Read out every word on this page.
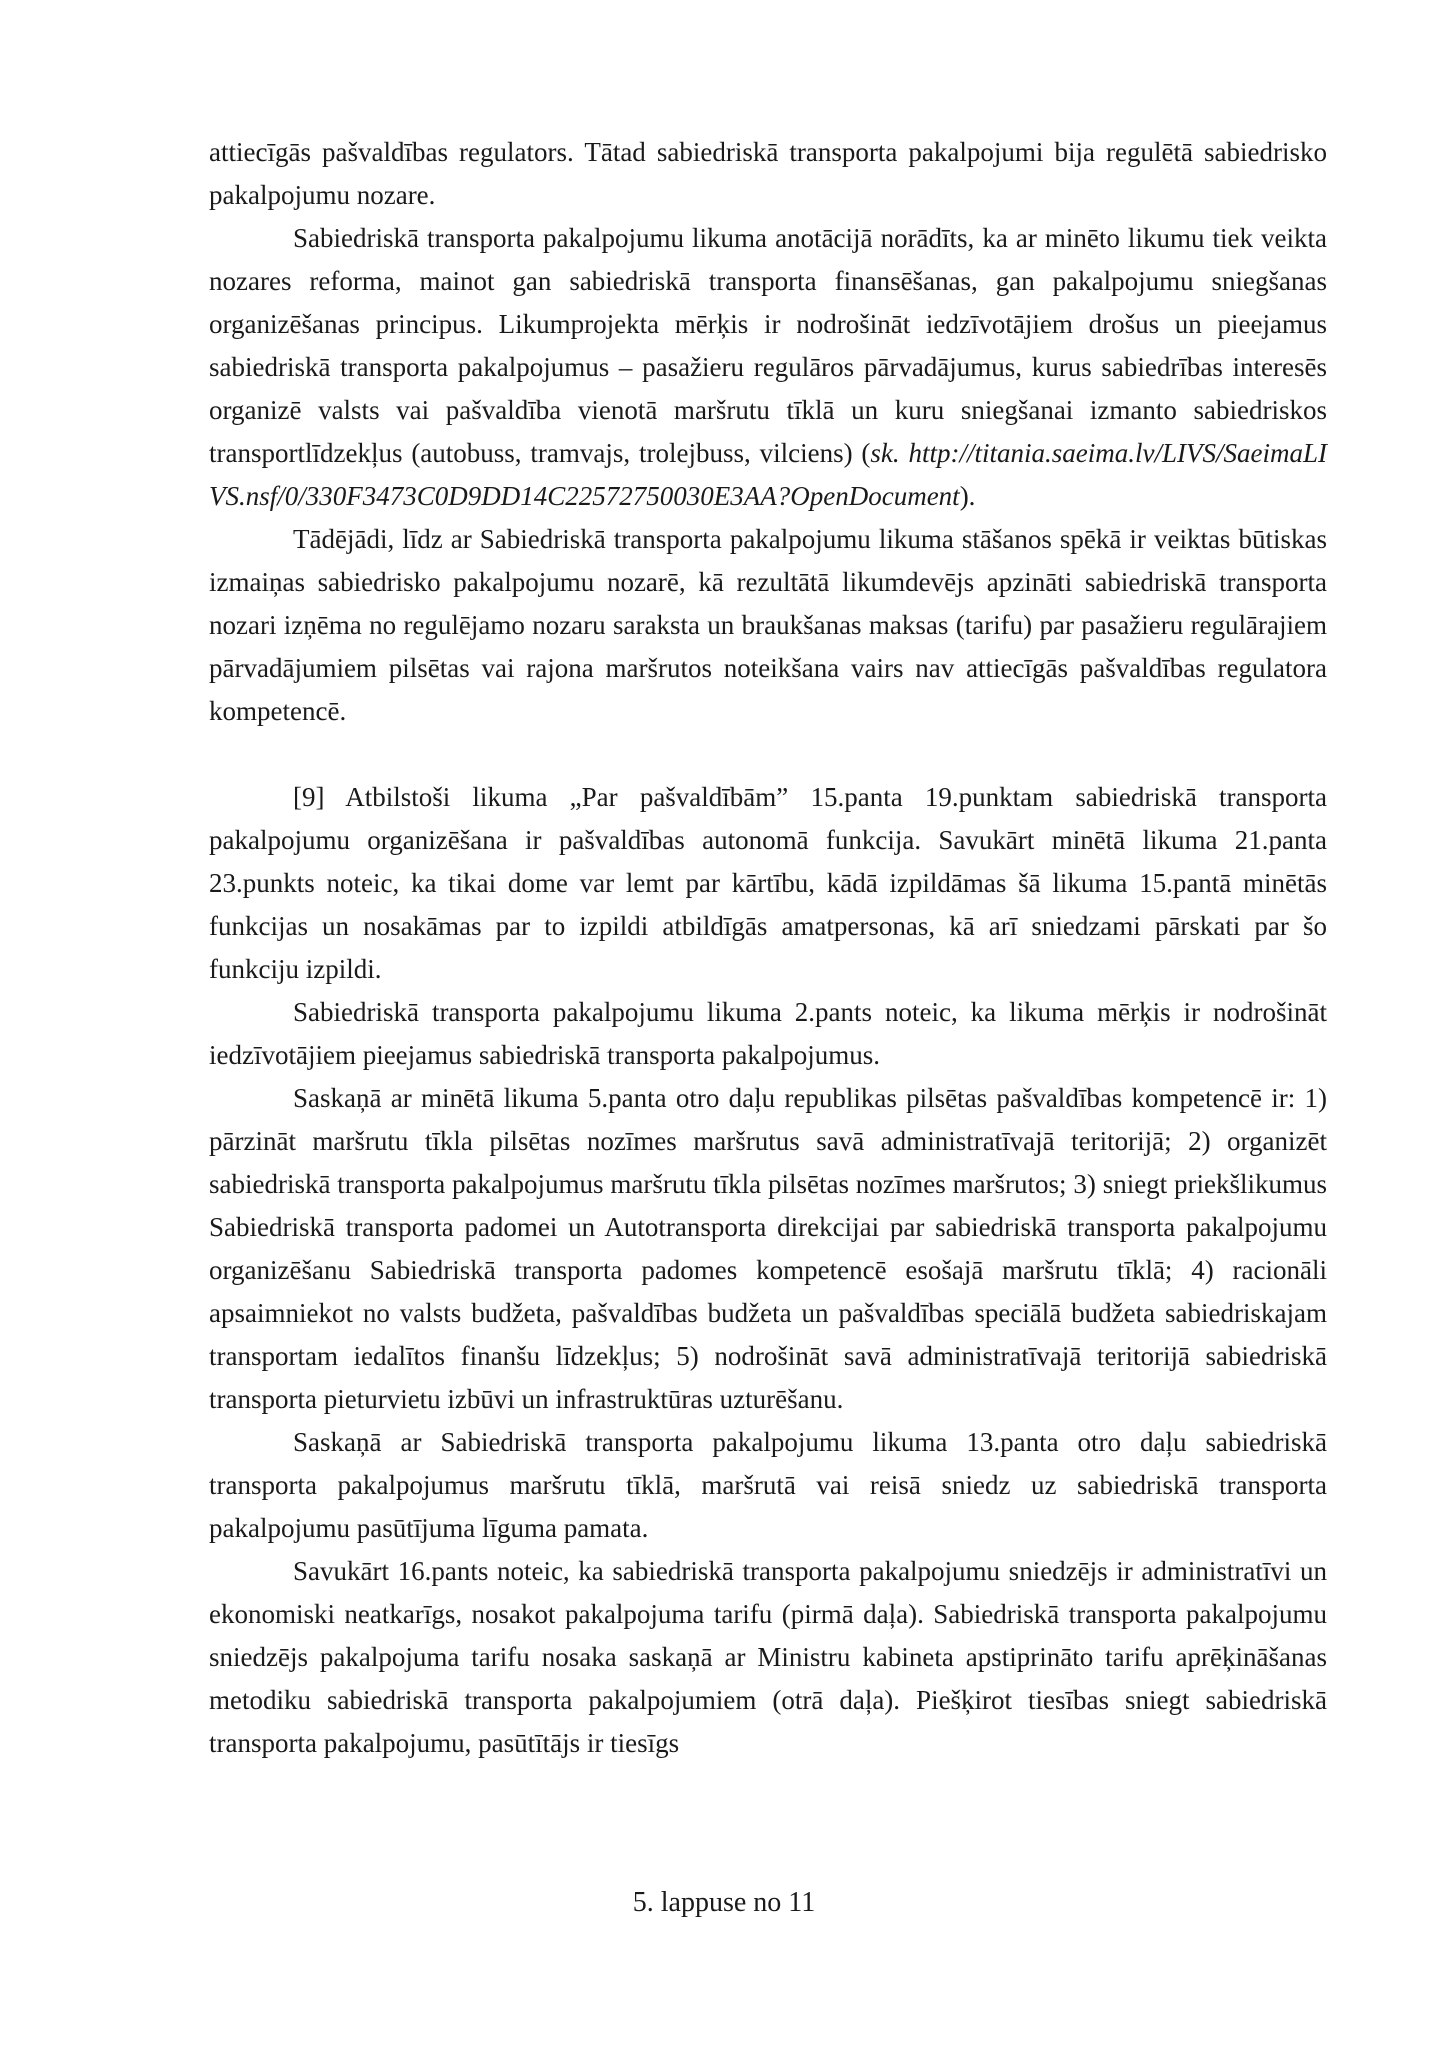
attiecīgās pašvaldības regulators. Tātad sabiedriskā transporta pakalpojumi bija regulētā sabiedrisko pakalpojumu nozare.

Sabiedriskā transporta pakalpojumu likuma anotācijā norādīts, ka ar minēto likumu tiek veikta nozares reforma, mainot gan sabiedriskā transporta finansēšanas, gan pakalpojumu sniegšanas organizēšanas principus. Likumprojekta mērķis ir nodrošināt iedzīvotājiem drošus un pieejamus sabiedriskā transporta pakalpojumus – pasažieru regulāros pārvadājumus, kurus sabiedrības interesēs organizē valsts vai pašvaldība vienotā maršrutu tīklā un kuru sniegšanai izmanto sabiedriskos transportlīdzekļus (autobuss, tramvajs, trolejbuss, vilciens) (sk. http://titania.saeima.lv/LIVS/SaeimaLIVS.nsf/0/330F3473C0D9DD14C22572750030E3AA?OpenDocument).

Tādējādi, līdz ar Sabiedriskā transporta pakalpojumu likuma stāšanos spēkā ir veiktas būtiskas izmaiņas sabiedrisko pakalpojumu nozarē, kā rezultātā likumdevējs apzināti sabiedriskā transporta nozari izņēma no regulējamo nozaru saraksta un braukšanas maksas (tarifu) par pasažieru regulārajiem pārvadājumiem pilsētas vai rajona maršrutos noteikšana vairs nav attiecīgās pašvaldības regulatora kompetencē.

[9] Atbilstoši likuma „Par pašvaldībām” 15.panta 19.punktam sabiedriskā transporta pakalpojumu organizēšana ir pašvaldības autonomā funkcija. Savukārt minētā likuma 21.panta 23.punkts noteic, ka tikai dome var lemt par kārtību, kādā izpildāmas šā likuma 15.pantā minētās funkcijas un nosakāmas par to izpildi atbildīgās amatpersonas, kā arī sniedzami pārskati par šo funkciju izpildi.

Sabiedriskā transporta pakalpojumu likuma 2.pants noteic, ka likuma mērķis ir nodrošināt iedzīvotājiem pieejamus sabiedriskā transporta pakalpojumus.

Saskaņā ar minētā likuma 5.panta otro daļu republikas pilsētas pašvaldības kompetencē ir: 1) pārzināt maršrutu tīkla pilsētas nozīmes maršrutus savā administratīvajā teritorijā; 2) organizēt sabiedriskā transporta pakalpojumus maršrutu tīkla pilsētas nozīmes maršrutos; 3) sniegt priekšlikumus Sabiedriskā transporta padomei un Autotransporta direkcijai par sabiedriskā transporta pakalpojumu organizēšanu Sabiedriskā transporta padomes kompetencē esošajā maršrutu tīklā; 4) racionāli apsaimniekot no valsts budžeta, pašvaldības budžeta un pašvaldības speciālā budžeta sabiedriskajam transportam iedalītos finanšu līdzekļus; 5) nodrošināt savā administratīvajā teritorijā sabiedriskā transporta pieturvietu izbūvi un infrastruktūras uzturēšanu.

Saskaņā ar Sabiedriskā transporta pakalpojumu likuma 13.panta otro daļu sabiedriskā transporta pakalpojumus maršrutu tīklā, maršrutā vai reisā sniedz uz sabiedriskā transporta pakalpojumu pasūtījuma līguma pamata.

Savukārt 16.pants noteic, ka sabiedriskā transporta pakalpojumu sniedzējs ir administratīvi un ekonomiski neatkarīgs, nosakot pakalpojuma tarifu (pirmā daļa). Sabiedriskā transporta pakalpojumu sniedzējs pakalpojuma tarifu nosaka saskaņā ar Ministru kabineta apstiprināto tarifu aprēķināšanas metodiku sabiedriskā transporta pakalpojumiem (otrā daļa). Piešķirot tiesības sniegt sabiedriskā transporta pakalpojumu, pasūtītājs ir tiesīgs

5. lappuse no 11
